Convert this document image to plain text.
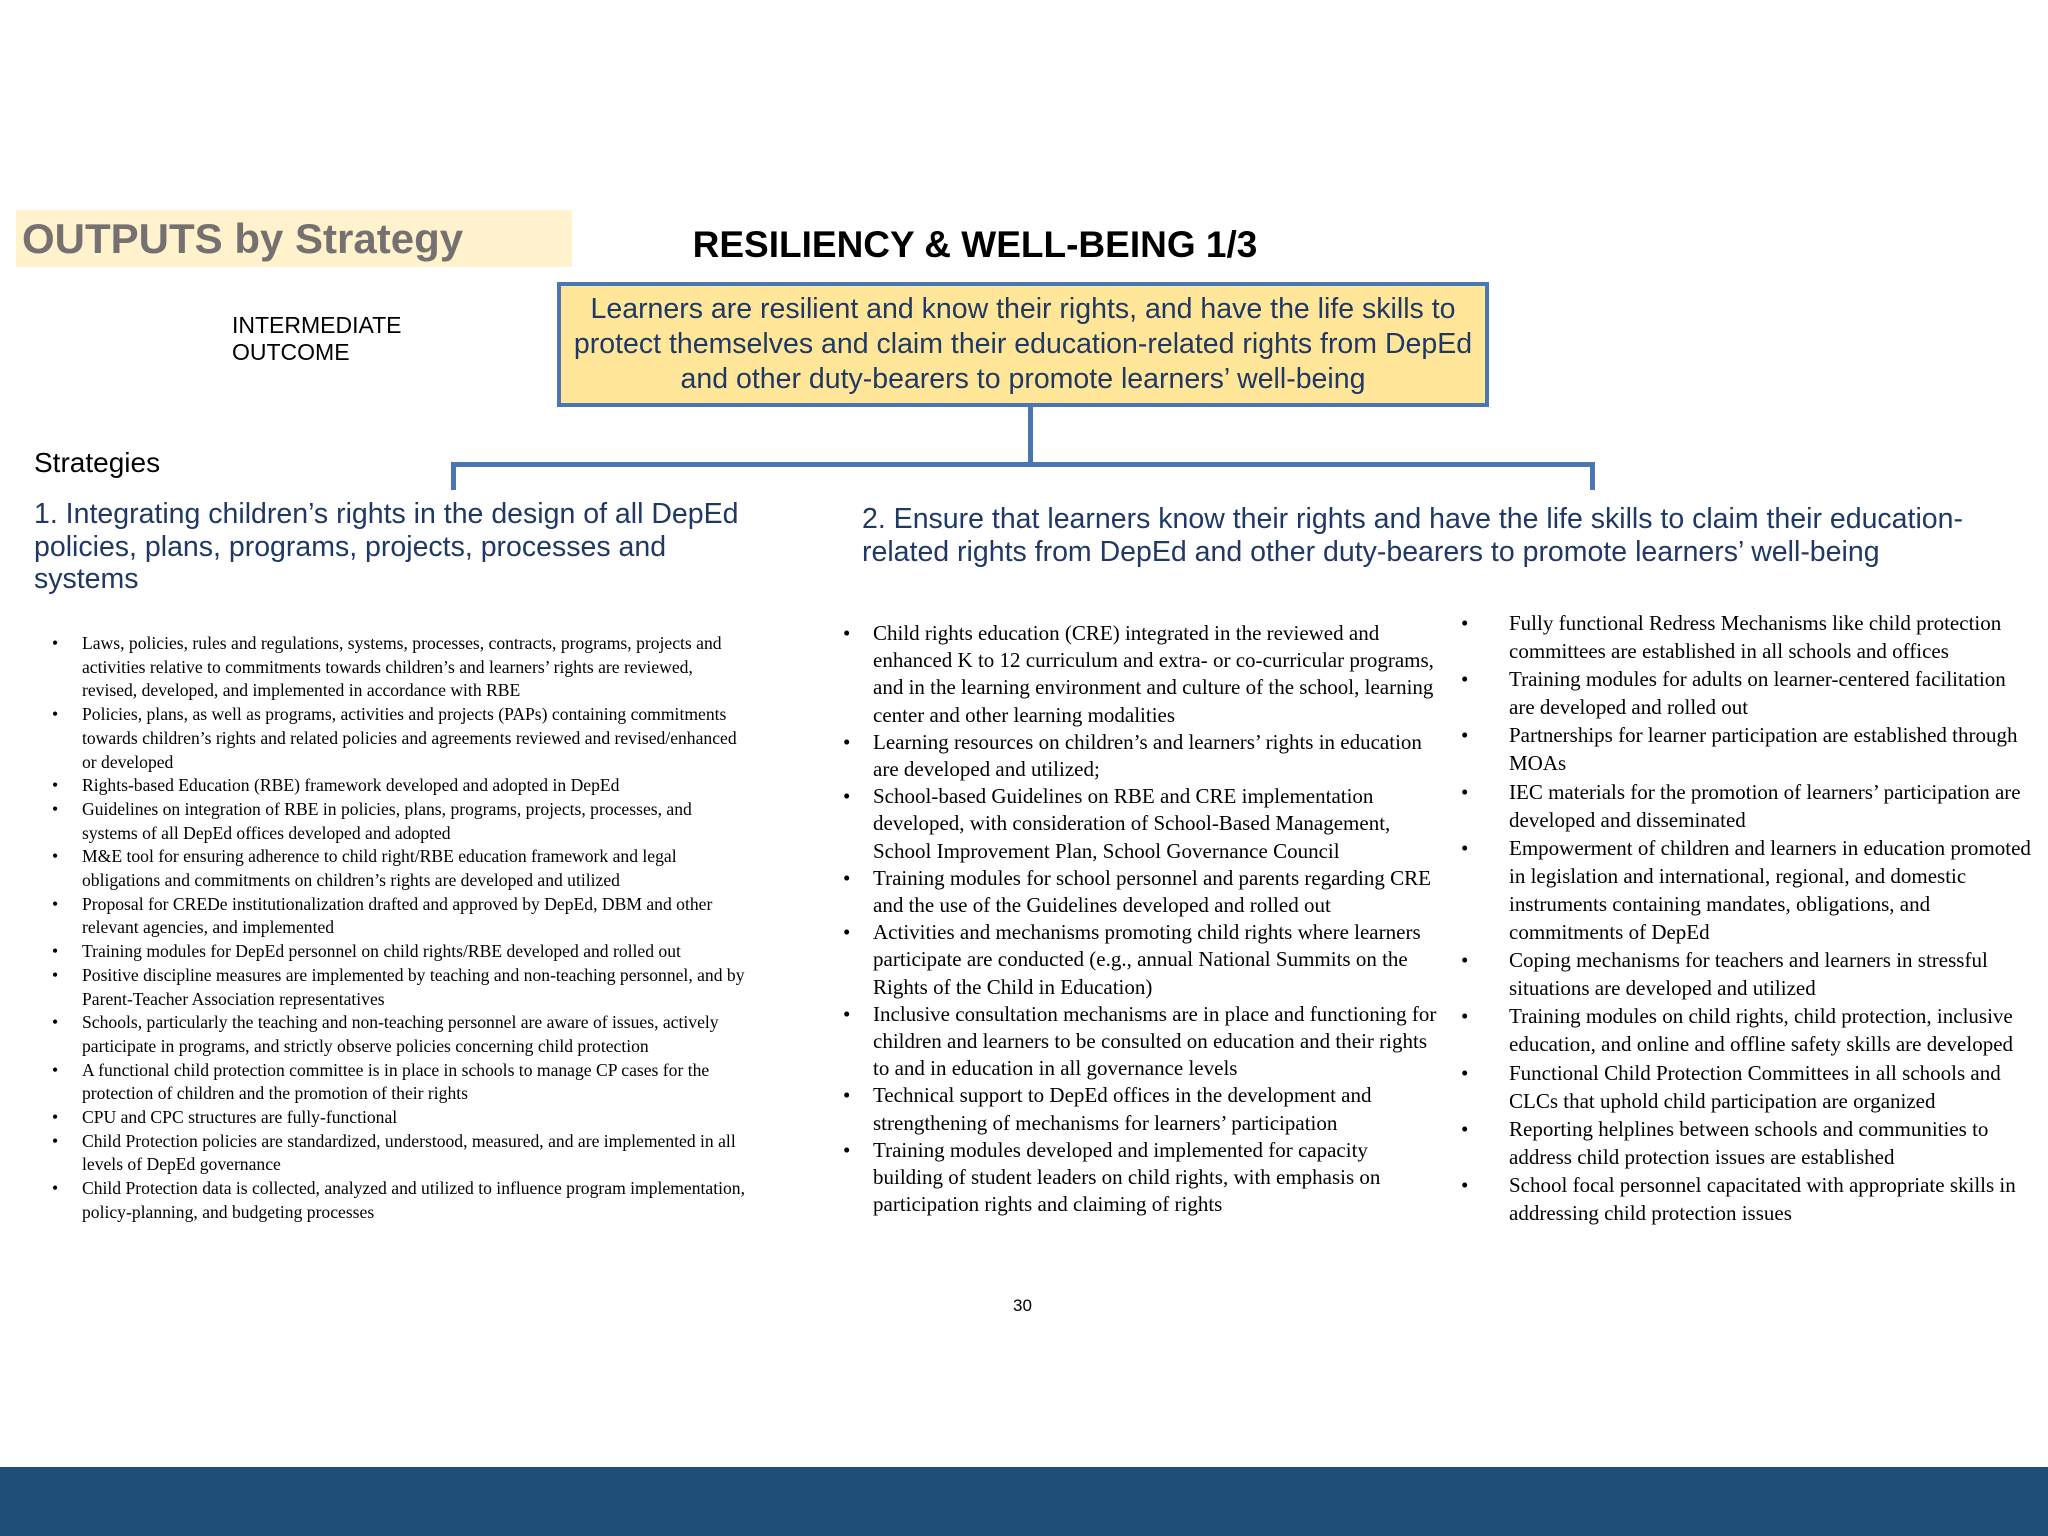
OUTPUTS by Strategy	RESILIENCY & WELL-BEING 1/3
INTERMEDIATE
OUTCOME
Learners are resilient and know their rights, and have the life skills to protect themselves and claim their education-related rights from DepEd and other duty-bearers to promote learners’ well-being
Strategies
1. Integrating children’s rights in the design of all DepEd policies, plans, programs, projects, processes and systems
2. Ensure that learners know their rights and have the life skills to claim their education-related rights from DepEd and other duty-bearers to promote learners’ well-being
• Laws, policies, rules and regulations, systems, processes, contracts, programs, projects and activities relative to commitments towards children’s and learners’ rights are reviewed, revised, developed, and implemented in accordance with RBE
• Policies, plans, as well as programs, activities and projects (PAPs) containing commitments towards children’s rights and related policies and agreements reviewed and revised/enhanced or developed
• Rights-based Education (RBE) framework developed and adopted in DepEd
• Guidelines on integration of RBE in policies, plans, programs, projects, processes, and systems of all DepEd offices developed and adopted
• M&E tool for ensuring adherence to child right/RBE education framework and legal obligations and commitments on children’s rights are developed and utilized
• Proposal for CREDe institutionalization drafted and approved by DepEd, DBM and other relevant agencies, and implemented
• Training modules for DepEd personnel on child rights/RBE developed and rolled out
• Positive discipline measures are implemented by teaching and non-teaching personnel, and by Parent-Teacher Association representatives
• Schools, particularly the teaching and non-teaching personnel are aware of issues, actively participate in programs, and strictly observe policies concerning child protection
• A functional child protection committee is in place in schools to manage CP cases for the protection of children and the promotion of their rights
• CPU and CPC structures are fully-functional
• Child Protection policies are standardized, understood, measured, and are implemented in all levels of DepEd governance
• Child Protection data is collected, analyzed and utilized to influence program implementation, policy-planning, and budgeting processes
• Child rights education (CRE) integrated in the reviewed and enhanced K to 12 curriculum and extra- or co-curricular programs, and in the learning environment and culture of the school, learning center and other learning modalities
• Learning resources on children’s and learners’ rights in education are developed and utilized;
• School-based Guidelines on RBE and CRE implementation developed, with consideration of School-Based Management, School Improvement Plan, School Governance Council
• Training modules for school personnel and parents regarding CRE and the use of the Guidelines developed and rolled out
• Activities and mechanisms promoting child rights where learners participate are conducted (e.g., annual National Summits on the Rights of the Child in Education)
• Inclusive consultation mechanisms are in place and functioning for children and learners to be consulted on education and their rights to and in education in all governance levels
• Technical support to DepEd offices in the development and strengthening of mechanisms for learners’ participation
• Training modules developed and implemented for capacity building of student leaders on child rights, with emphasis on participation rights and claiming of rights
• Fully functional Redress Mechanisms like child protection committees are established in all schools and offices
• Training modules for adults on learner-centered facilitation are developed and rolled out
• Partnerships for learner participation are established through MOAs
• IEC materials for the promotion of learners’ participation are developed and disseminated
• Empowerment of children and learners in education promoted in legislation and international, regional, and domestic instruments containing mandates, obligations, and commitments of DepEd
• Coping mechanisms for teachers and learners in stressful situations are developed and utilized
• Training modules on child rights, child protection, inclusive education, and online and offline safety skills are developed
• Functional Child Protection Committees in all schools and CLCs that uphold child participation are organized
• Reporting helplines between schools and communities to address child protection issues are established
• School focal personnel capacitated with appropriate skills in addressing child protection issues
30
